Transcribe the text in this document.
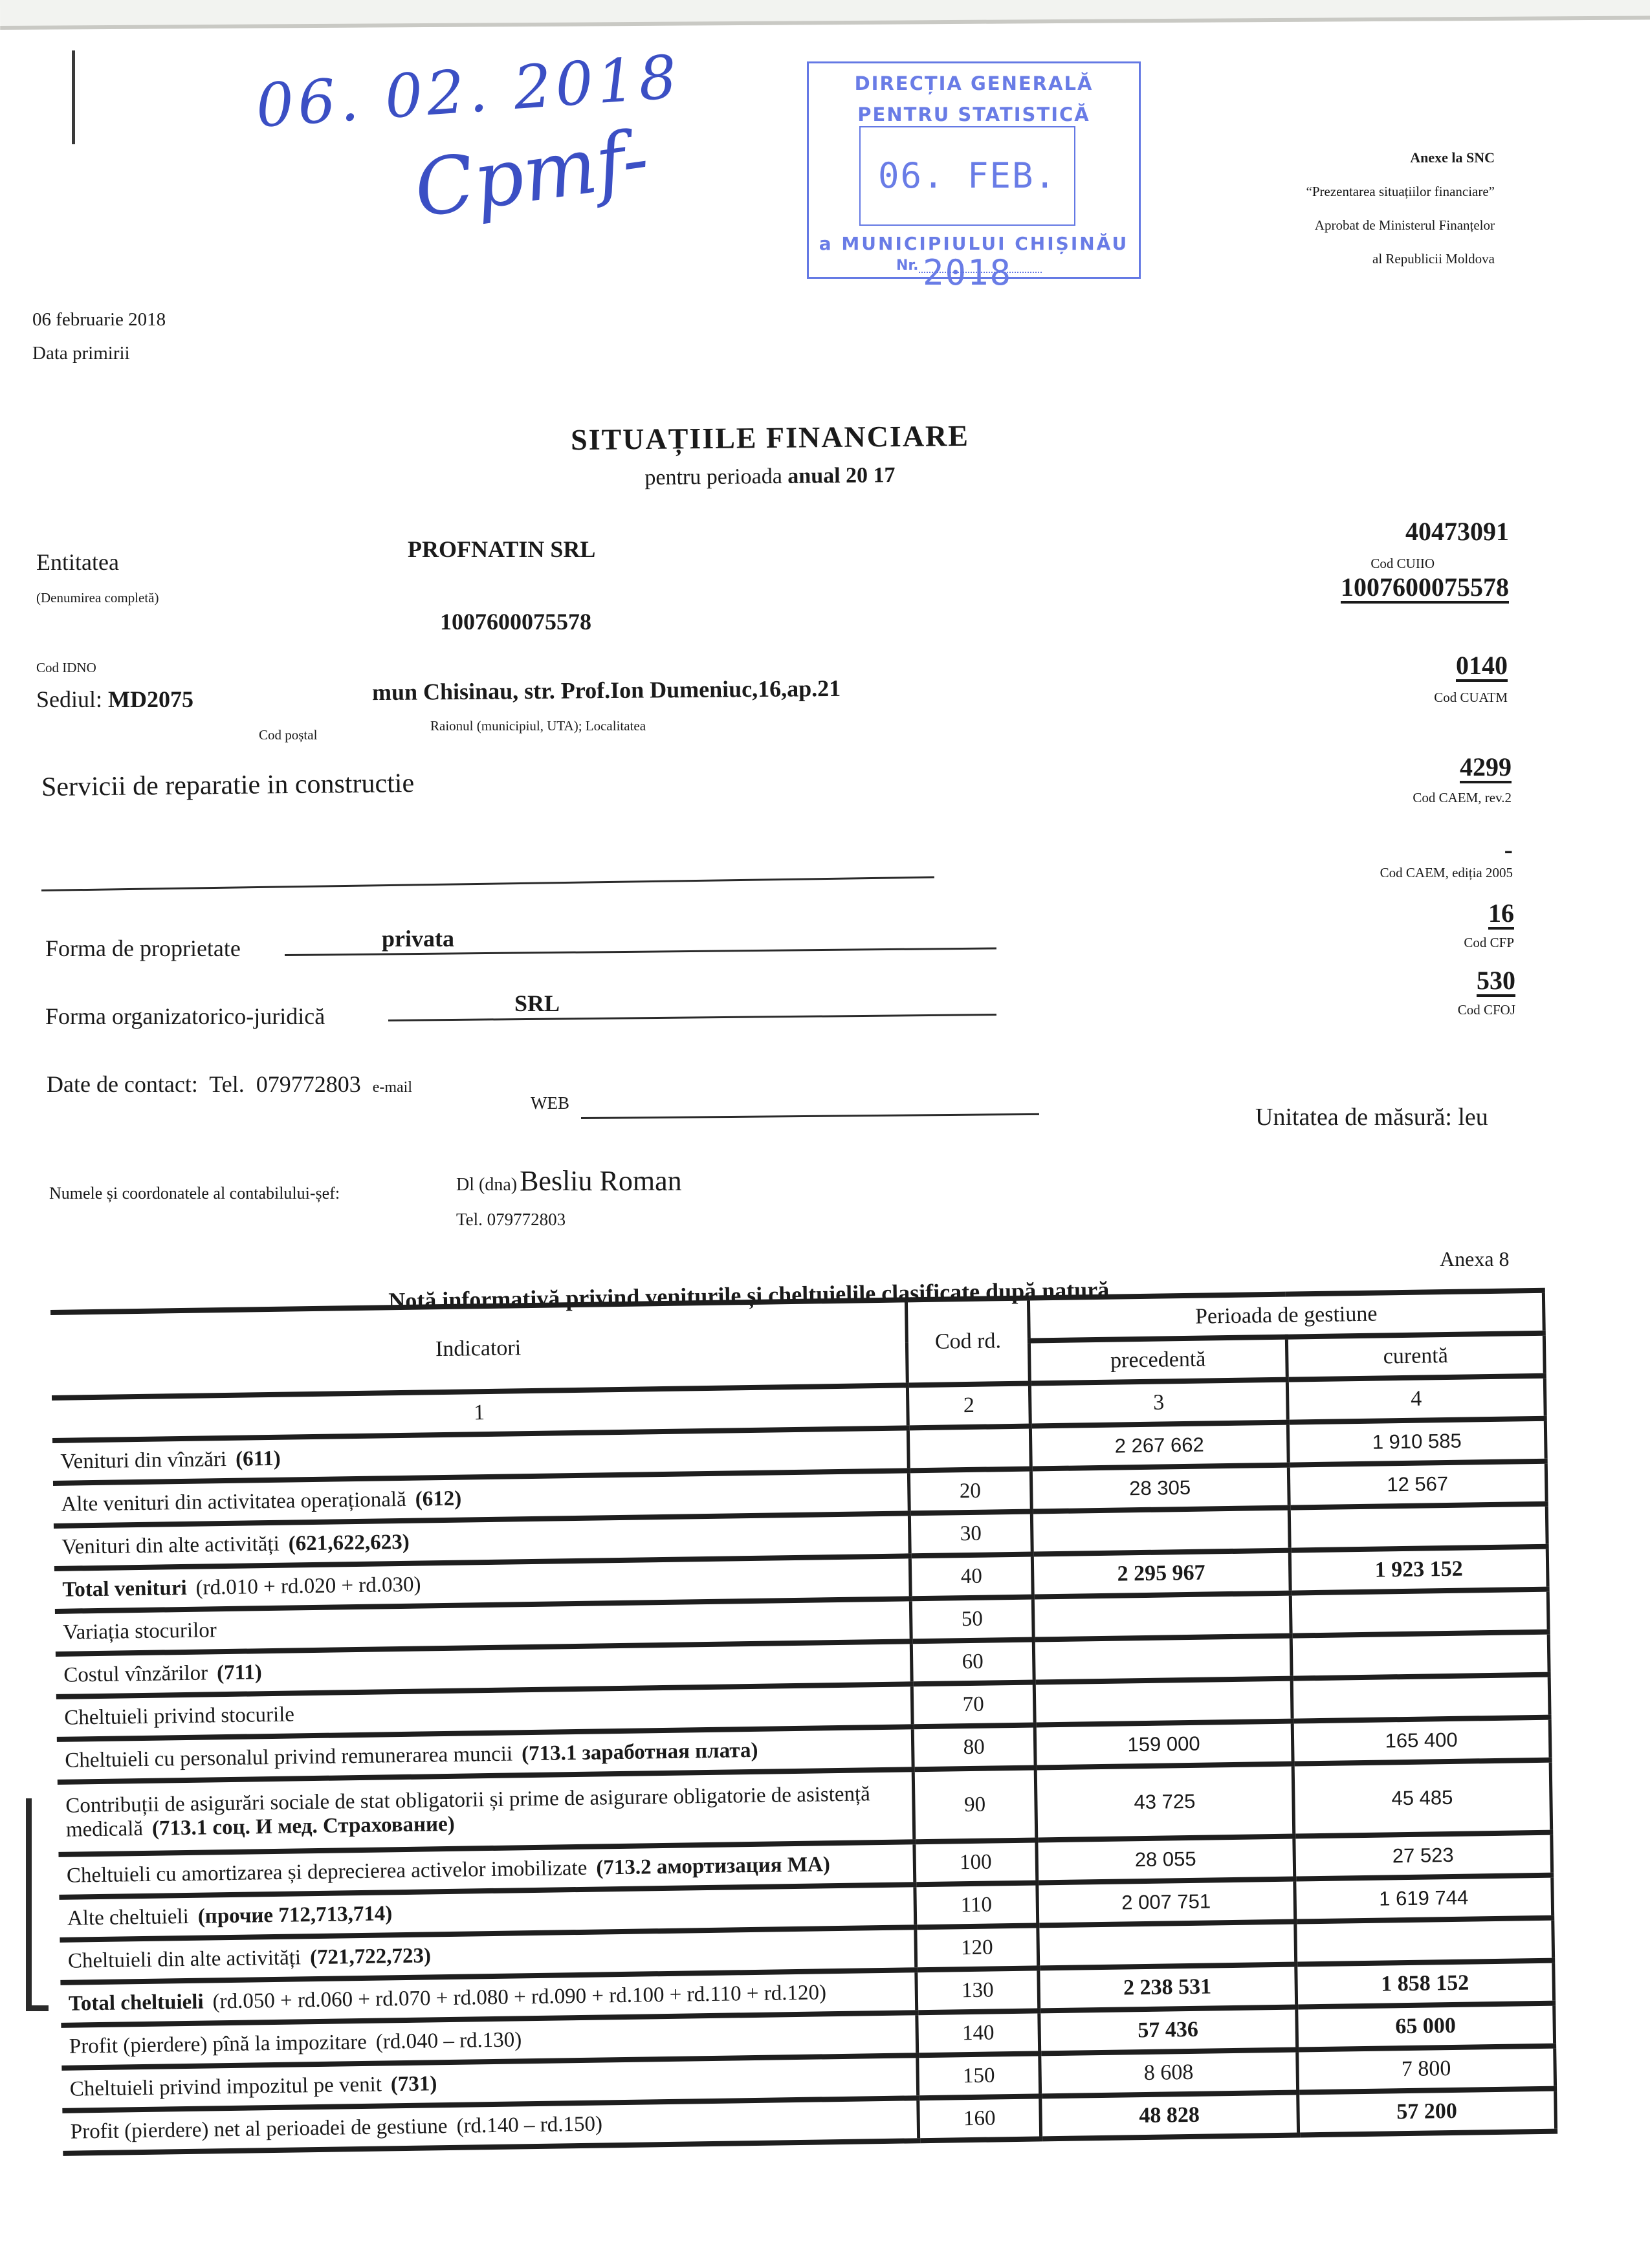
06. 02. 2018
Cpmf-
DIRECȚIA GENERALĂ
PENTRU STATISTICĂ
06. FEB. 2018
a MUNICIPIULUI CHIȘINĂU
Nr.
Anexe la SNC
“Prezentarea situațiilor financiare”
Aprobat de Ministerul Finanțelor
al Republicii Moldova
06 februarie 2018
Data primirii
SITUAȚIILE FINANCIARE
pentru perioada anual 20 17
Entitatea
(Denumirea completă)
PROFNATIN SRL
1007600075578
Cod IDNO
Sediul: MD2075	mun Chisinau, str. Prof.Ion Dumeniuc,16,ap.21
Cod poștal
Raionul (municipiul, UTA); Localitatea
Servicii de reparatie in constructie
40473091
Cod CUIIO
1007600075578
0140
Cod CUATM
4299
Cod CAEM, rev.2
-
Cod CAEM, ediția 2005
16
Cod CFP
530
Cod CFOJ
Forma de proprietate	privata
Forma organizatorico-juridică	SRL
Date de contact: Tel. 079772803 e-mail
WEB
Unitatea de măsură: leu
Numele și coordonatele al contabilului-șef:	Dl (dna) Besliu Roman
Tel. 079772803
Anexa 8
Notă informativă privind veniturile și cheltuielile clasificate după natură
Indicatori	Cod rd.	Perioada de gestiune	
		precedentă	curentă
1	2	3	4
Venituri din vînzări (611)		2 267 662	1 910 585
Alte venituri din activitatea operațională (612)	20	28 305	12 567
Venituri din alte activități (621,622,623)	30		
Total venituri (rd.010 + rd.020 + rd.030)	40	2 295 967	1 923 152
Variația stocurilor	50		
Costul vînzărilor (711)	60		
Cheltuieli privind stocurile	70		
Cheltuieli cu personalul privind remunerarea muncii (713.1 заработная плата)	80	159 000	165 400
Contribuții de asigurări sociale de stat obligatorii și prime de asigurare obligatorie de asistență medicală (713.1 соц. И мед. Страхование)	90	43 725	45 485
Cheltuieli cu amortizarea și deprecierea activelor imobilizate (713.2 амортизация МА)	100	28 055	27 523
Alte cheltuieli (прочие 712,713,714)	110	2 007 751	1 619 744
Cheltuieli din alte activități (721,722,723)	120		
Total cheltuieli (rd.050 + rd.060 + rd.070 + rd.080 + rd.090 + rd.100 + rd.110 + rd.120)	130	2 238 531	1 858 152
Profit (pierdere) pînă la impozitare (rd.040 – rd.130)	140	57 436	65 000
Cheltuieli privind impozitul pe venit (731)	150	8 608	7 800
Profit (pierdere) net al perioadei de gestiune (rd.140 – rd.150)	160	48 828	57 200
